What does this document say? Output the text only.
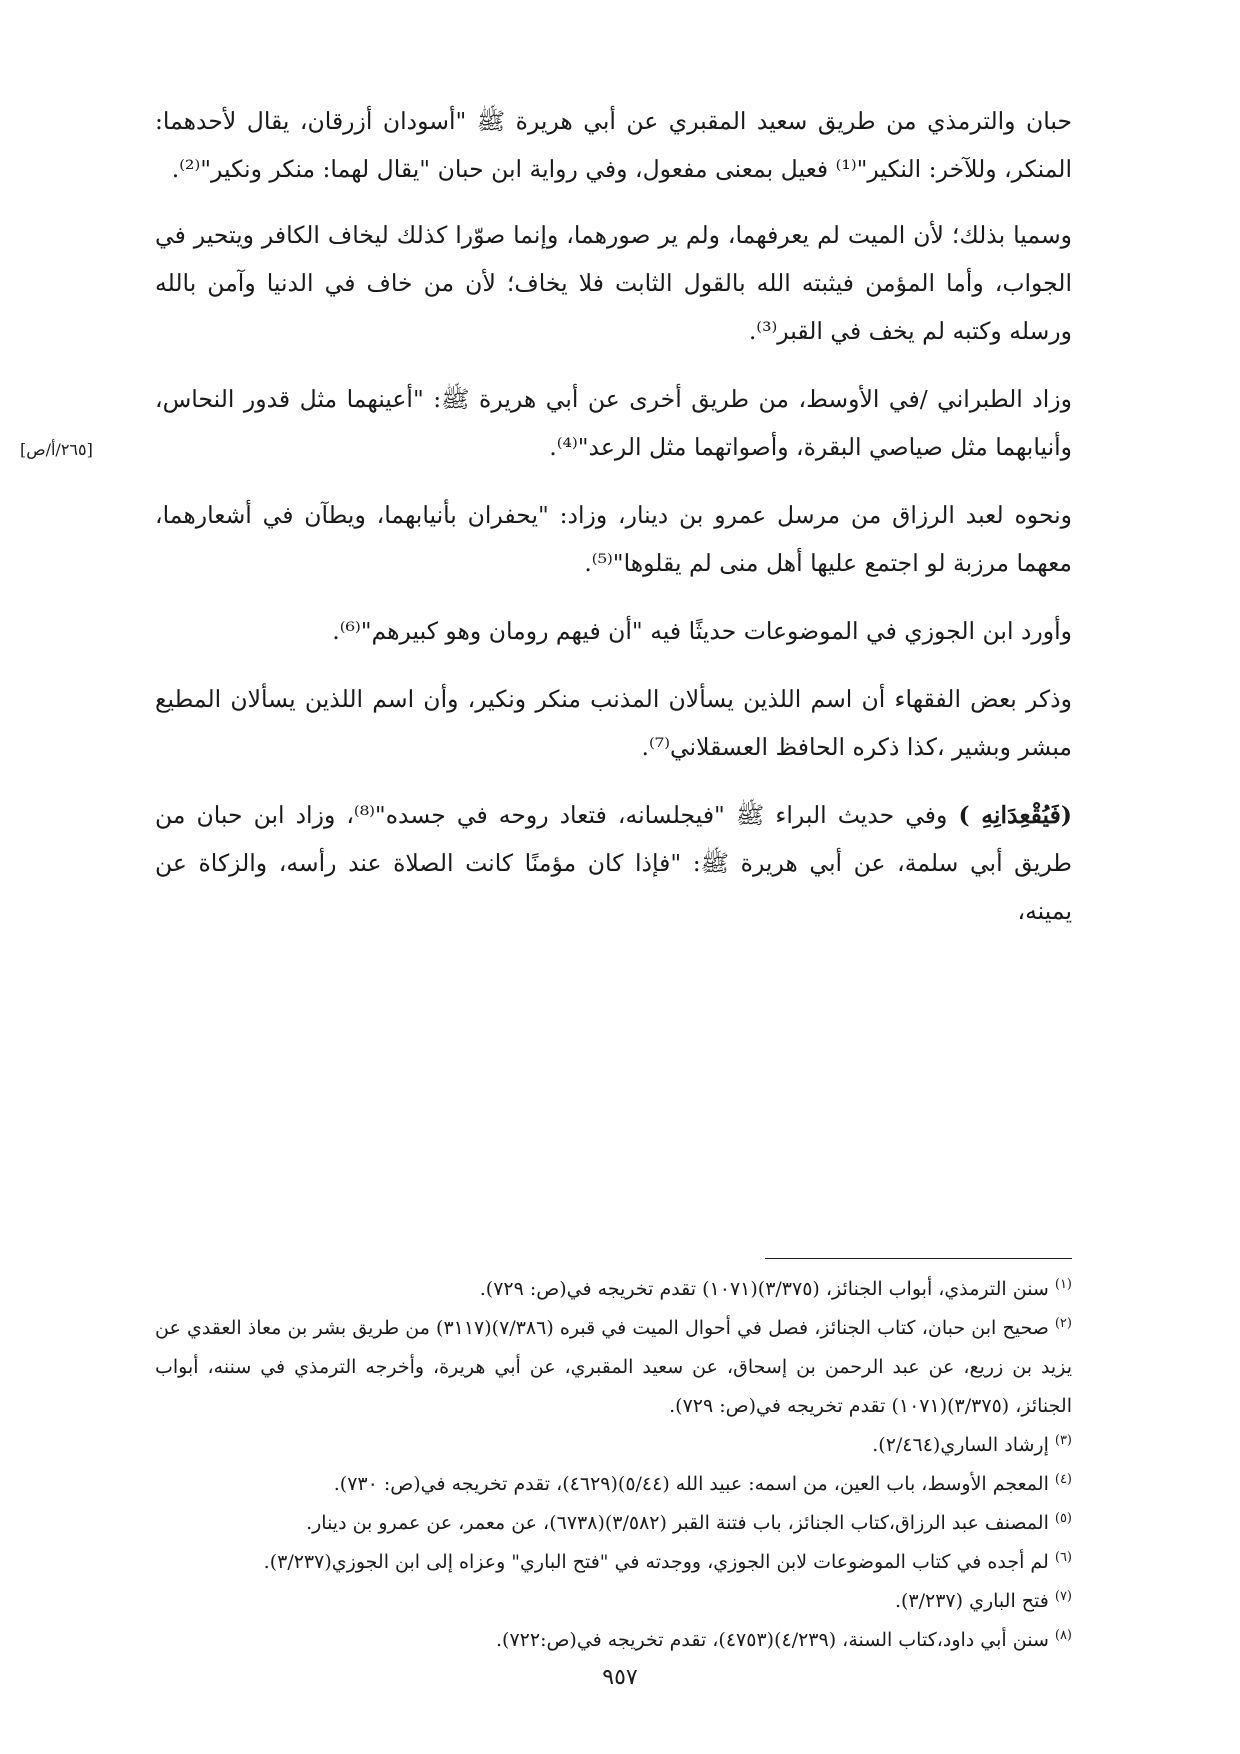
حبان والترمذي من طريق سعيد المقبري عن أبي هريرة ﷺ "أسودان أزرقان، يقال لأحدهما: المنكر، وللآخر: النكير"⁽¹⁾ فعيل بمعنى مفعول، وفي رواية ابن حبان "يقال لهما: منكر ونكير"⁽²⁾.

وسميا بذلك؛ لأن الميت لم يعرفهما، ولم ير صورهما، وإنما صوّرا كذلك ليخاف الكافر ويتحير في الجواب، وأما المؤمن فيثبته الله بالقول الثابت فلا يخاف؛ لأن من خاف في الدنيا وآمن بالله ورسله وكتبه لم يخف في القبر⁽³⁾.

وزاد الطبراني /في الأوسط، من طريق أخرى عن أبي هريرة ﷺ: "أعينهما مثل قدور النحاس، وأنيابهما مثل صياصي البقرة، وأصواتهما مثل الرعد"⁽⁴⁾.

ونحوه لعبد الرزاق من مرسل عمرو بن دينار، وزاد: "يحفران بأنيابهما، ويطآن في أشعارهما، معهما مرزبة لو اجتمع عليها أهل منى لم يقلوها"⁽⁵⁾.

وأورد ابن الجوزي في الموضوعات حديثًا فيه "أن فيهم رومان وهو كبيرهم"⁽⁶⁾.

وذكر بعض الفقهاء أن اسم اللذين يسألان المذنب منكر ونكير، وأن اسم اللذين يسألان المطيع مبشر وبشير ،كذا ذكره الحافظ العسقلاني⁽⁷⁾.

(فَيُقْعِدَانِهِ ) وفي حديث البراء ﷺ "فيجلسانه، فتعاد روحه في جسده"⁽⁸⁾، وزاد ابن حبان من طريق أبي سلمة، عن أبي هريرة ﷺ: "فإذا كان مؤمنًا كانت الصلاة عند رأسه، والزكاة عن يمينه،

[٢٦٥/أ/ص]

$^{(١)}$سنن الترمذي، أبواب الجنائز، (٣/٣٧٥)(١٠٧١) تقدم تخريجه في(ص: ٧٢٩).

$^{(٢)}$صحيح ابن حبان، كتاب الجنائز، فصل في أحوال الميت في قبره (٧/٣٨٦)(٣١١٧) من طريق بشر بن معاذ العقدي عن يزيد بن زريع، عن عبد الرحمن بن إسحاق، عن سعيد المقبري، عن أبي هريرة، وأخرجه الترمذي في سننه، أبواب الجنائز، (٣/٣٧٥)(١٠٧١) تقدم تخريجه في(ص: ٧٢٩).

$^{(٣)}$إرشاد الساري(٢/٤٦٤).

$^{(٤)}$المعجم الأوسط، باب العين، من اسمه: عبيد الله (٥/٤٤)(٤٦٢٩)، تقدم تخريجه في(ص: ٧٣٠).

$^{(٥)}$المصنف عبد الرزاق،كتاب الجنائز، باب فتنة القبر (٣/٥٨٢)(٦٧٣٨)، عن معمر، عن عمرو بن دينار.

$^{(٦)}$لم أجده في كتاب الموضوعات لابن الجوزي، ووجدته في "فتح الباري" وعزاه إلى ابن الجوزي(٣/٢٣٧).

$^{(٧)}$فتح الباري (٣/٢٣٧).

$^{(٨)}$سنن أبي داود،كتاب السنة، (٤/٢٣٩)(٤٧٥٣)، تقدم تخريجه في(ص:٧٢٢).

٩٥٧
